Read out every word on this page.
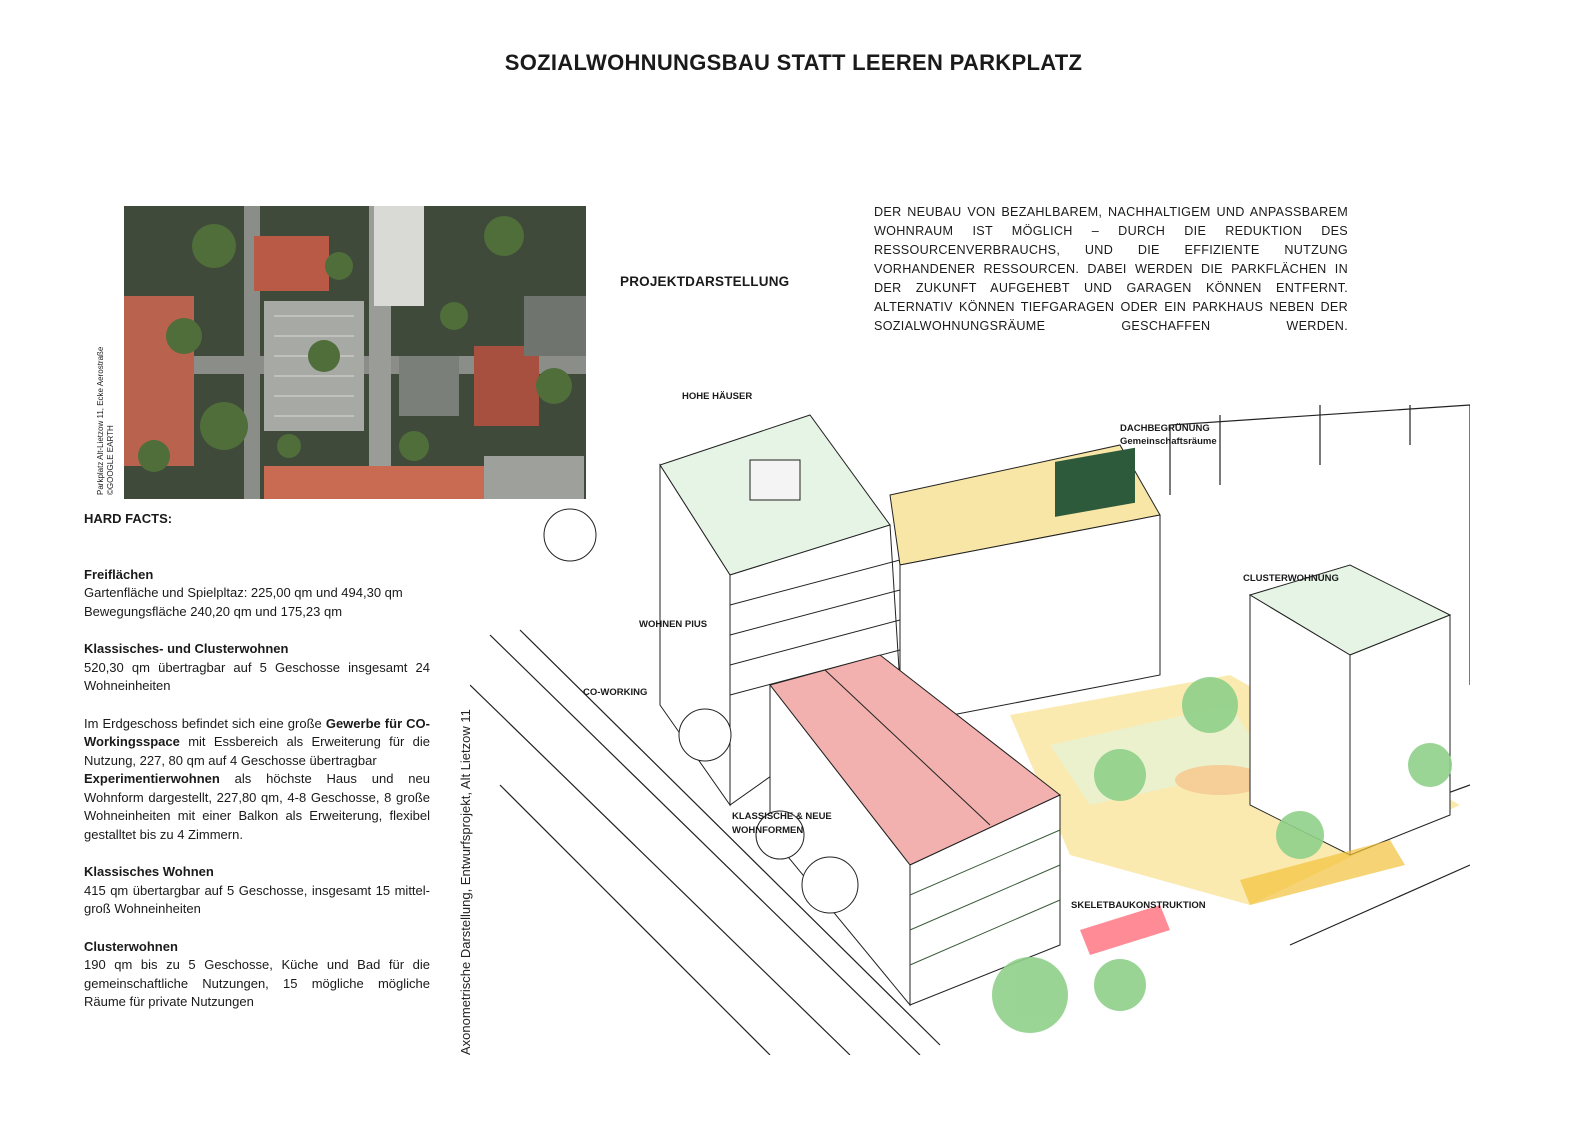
SOZIALWOHNUNGSBAU STATT LEEREN PARKPLATZ
Parkplatz Alt-Lietzow 11, Ecke Aerostraße ©GOOGLE EARTH
PROJEKTDARSTELLUNG

DER NEUBAU VON BEZAHLBAREM, NACHHALTIGEM UND ANPASSBAREM WOHNRAUM IST MÖGLICH – DURCH DIE REDUKTION DES RESSOURCENVERBRAUCHS, UND DIE EFFIZIENTE NUTZUNG VORHANDENER RESSOURCEN. DABEI WERDEN DIE PARKFLÄCHEN IN DER ZUKUNFT AUFGEHEBT UND GARAGEN KÖNNEN ENTFERNT. ALTERNATIV KÖNNEN TIEFGARAGEN ODER EIN PARKHAUS NEBEN DER SOZIALWOHNUNGSRÄUME GESCHAFFEN WERDEN.

HARD FACTS:
Freiflächen

Gartenfläche und Spielpltaz: 225,00 qm und 494,30 qm

Bewegungsfläche 240,20 qm und 175,23 qm

Klassisches- und Clusterwohnen

520,30 qm übertragbar auf 5 Geschosse insgesamt 24 Wohneinheiten

Im Erdgeschoss befindet sich eine große Gewerbe für CO-Workingsspace mit Essbereich als Erweiterung für die Nutzung, 227, 80 qm auf 4 Geschosse übertragbar

Experimentierwohnen als höchste Haus und neu Wohnform dargestellt, 227,80 qm, 4-8 Geschosse, 8 große Wohneinheiten mit einer Balkon als Erweiterung, flexibel gestalltet bis zu 4 Zimmern.

Klassisches Wohnen

415 qm übertargbar auf 5 Geschosse, insgesamt 15 mittel-groß Wohneinheiten

Clusterwohnen

190 qm bis zu 5 Geschosse, Küche und Bad für die gemeinschaftliche Nutzungen, 15 mögliche mögliche Räume für private Nutzungen	Axonometrische Darstellung, Entwurfsprojekt, Alt Lietzow 11
HOHE HÄUSER
DACHBEGRÜNUNG
Gemeinschaftsräume
CLUSTERWOHNUNG
WOHNEN PlUS
CO-WORKING
KLASSISCHE & NEUE
WOHNFORMEN
SKELETBAUKONSTRUKTION
